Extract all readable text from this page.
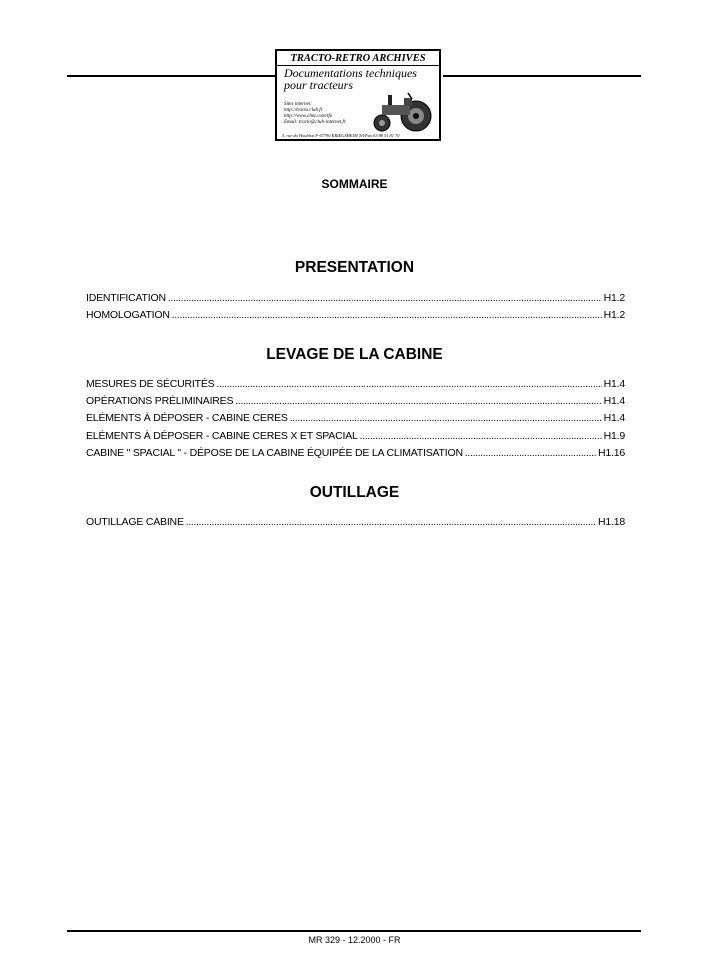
TRACTO-RETRO ARCHIVES
Documentations techniques
pour tracteurs
Sites internet:
http://tracto.club.fr
http://www.chez.com/tfo
Email: tracto@club-internet.fr
3, rue du Houblon F-67790 KRIEGSHEIM Tel/Fax 03 88 51 81 70
SOMMAIRE
PRESENTATION
IDENTIFICATION .....	H1.2
HOMOLOGATION .....	H1.2
LEVAGE DE LA CABINE
MESURES DE SÉCURITÉS .....	H1.4
OPÉRATIONS PRÉLIMINAIRES .....	H1.4
ELÉMENTS À DÉPOSER - CABINE CERES .....	H1.4
ELÉMENTS À DÉPOSER - CABINE CERES X ET SPACIAL .....	H1.9
CABINE " SPACIAL " - DÉPOSE DE LA CABINE ÉQUIPÉE DE LA CLIMATISATION .....	H1.16
OUTILLAGE
OUTILLAGE CABINE .....	H1.18
MR 329 - 12.2000 - FR
